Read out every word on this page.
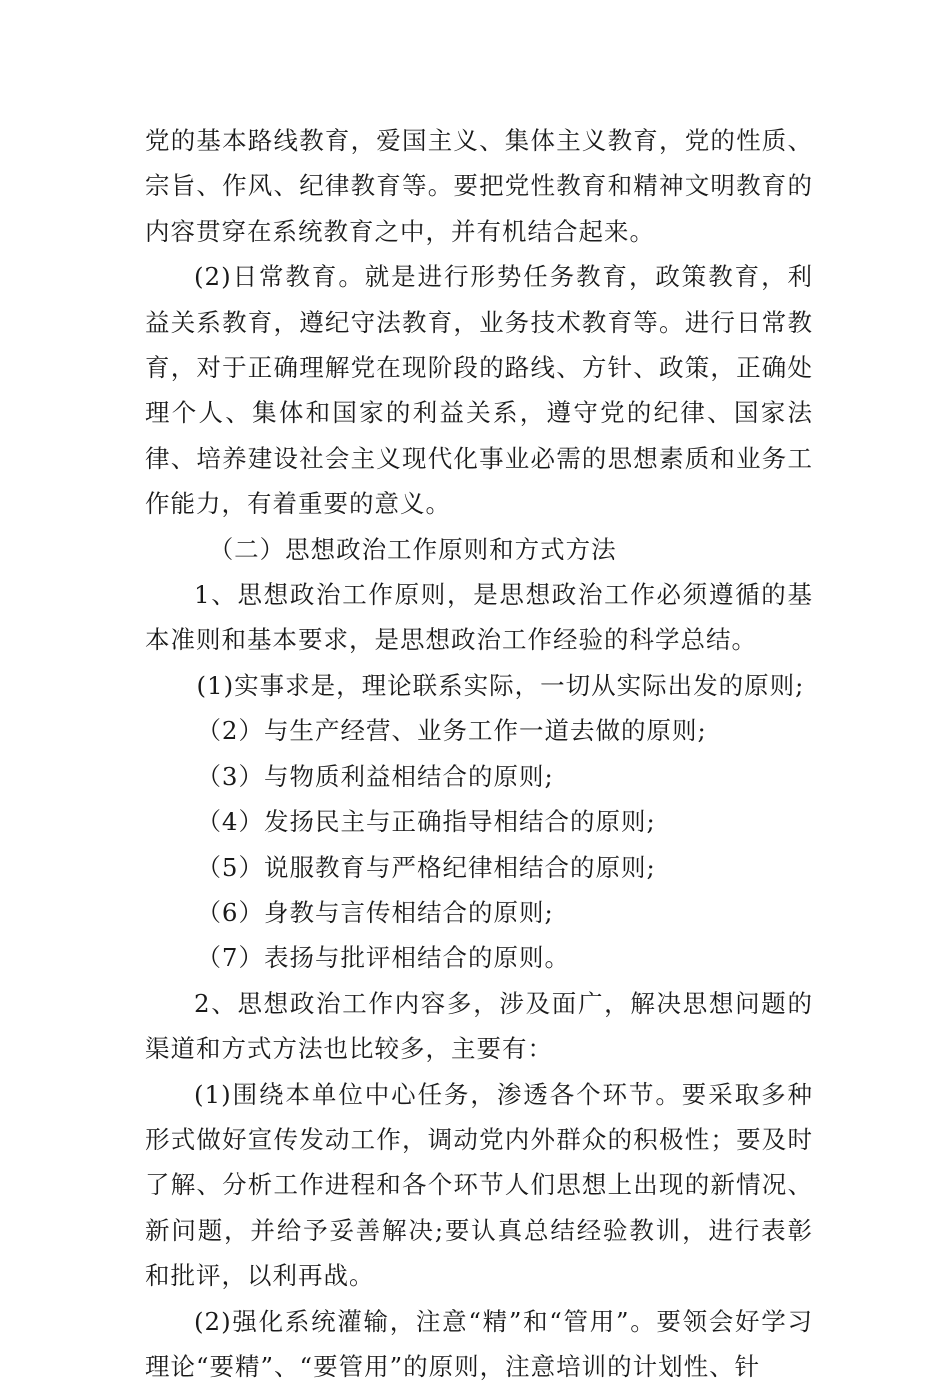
党的基本路线教育，爱国主义、集体主义教育，党的性质、宗旨、作风、纪律教育等。要把党性教育和精神文明教育的内容贯穿在系统教育之中，并有机结合起来。

(2)日常教育。就是进行形势任务教育，政策教育，利益关系教育，遵纪守法教育，业务技术教育等。进行日常教育，对于正确理解党在现阶段的路线、方针、政策，正确处理个人、集体和国家的利益关系，遵守党的纪律、国家法律、培养建设社会主义现代化事业必需的思想素质和业务工作能力，有着重要的意义。

（二）思想政治工作原则和方式方法

1、思想政治工作原则，是思想政治工作必须遵循的基本准则和基本要求，是思想政治工作经验的科学总结。

(1)实事求是，理论联系实际，一切从实际出发的原则;

（2）与生产经营、业务工作一道去做的原则;

（3）与物质利益相结合的原则;

（4）发扬民主与正确指导相结合的原则;

（5）说服教育与严格纪律相结合的原则;

（6）身教与言传相结合的原则;

（7）表扬与批评相结合的原则。

2、思想政治工作内容多，涉及面广，解决思想问题的渠道和方式方法也比较多，主要有：

(1)围绕本单位中心任务，渗透各个环节。要采取多种形式做好宣传发动工作，调动党内外群众的积极性；要及时了解、分析工作进程和各个环节人们思想上出现的新情况、新问题，并给予妥善解决;要认真总结经验教训，进行表彰和批评，以利再战。

(2)强化系统灌输，注意“精”和“管用”。要领会好学习理论“要精”、“要管用”的原则，注意培训的计划性、针
